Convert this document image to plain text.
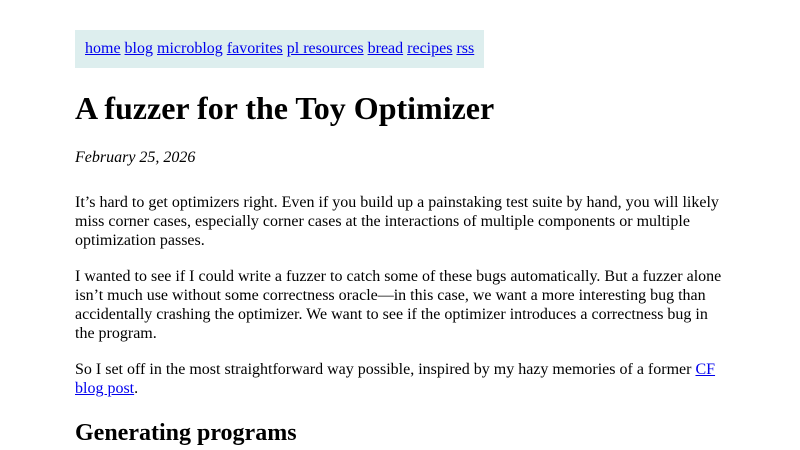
home blog microblog favorites pl resources bread recipes rss
A fuzzer for the Toy Optimizer

February 25, 2026

It’s hard to get optimizers right. Even if you build up a painstaking test suite by hand, you will likely miss corner cases, especially corner cases at the interactions of multiple components or multiple optimization passes.

I wanted to see if I could write a fuzzer to catch some of these bugs automatically. But a fuzzer alone isn’t much use without some correctness oracle—in this case, we want a more interesting bug than accidentally crashing the optimizer. We want to see if the optimizer introduces a correctness bug in the program.

So I set off in the most straightforward way possible, inspired by my hazy memories of a former CF blog post.

Generating programs
